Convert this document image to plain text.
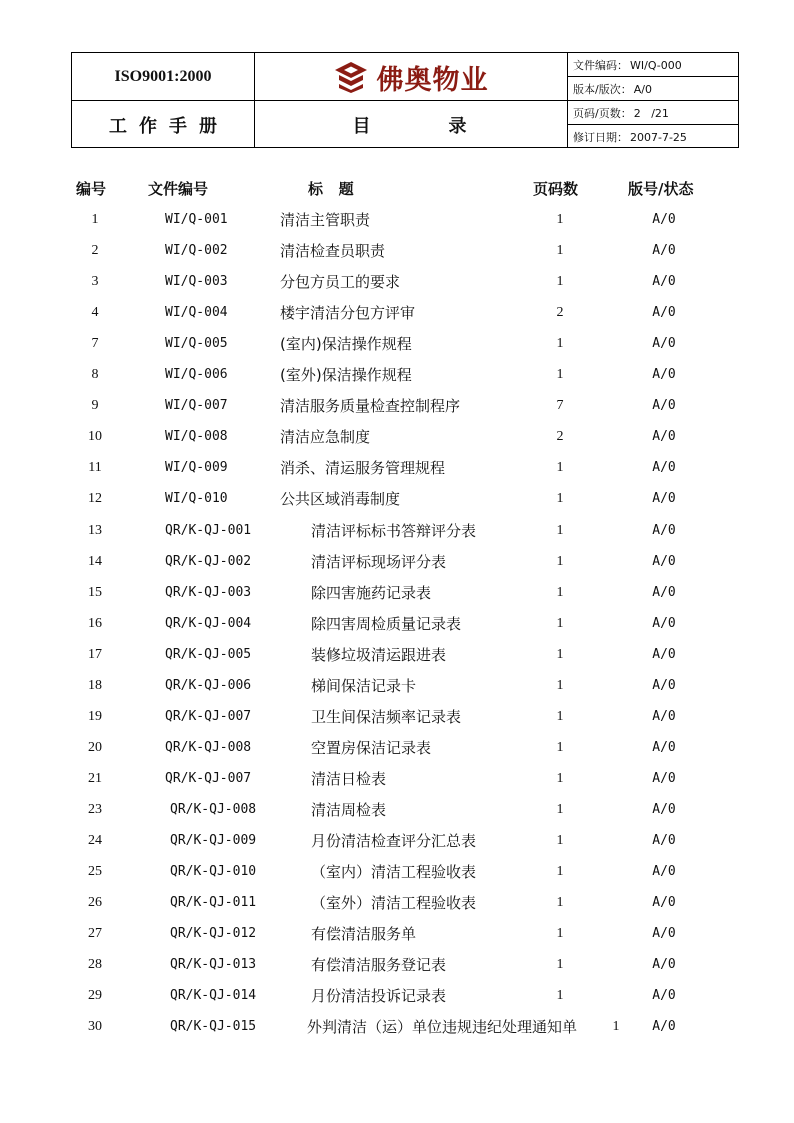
ISO9001:2000
工作手册
佛奥物业
目	录
文件编码： WI/Q-000
版本/版次： A/0
页码/页数： 2   /21
修订日期： 2007-7-25
编号	文件编号	标   题	页码数	版号/状态
1	WI/Q-001	清洁主管职责	1	A/0
2	WI/Q-002	清洁检查员职责	1	A/0
3	WI/Q-003	分包方员工的要求	1	A/0
4	WI/Q-004	楼宇清洁分包方评审	2	A/0
7	WI/Q-005	(室内)保洁操作规程	1	A/0
8	WI/Q-006	(室外)保洁操作规程	1	A/0
9	WI/Q-007	清洁服务质量检查控制程序	7	A/0
10	WI/Q-008	清洁应急制度	2	A/0
11	WI/Q-009	消杀、清运服务管理规程	1	A/0
12	WI/Q-010	公共区域消毒制度	1	A/0
13	QR/K-QJ-001	清洁评标标书答辩评分表	1	A/0
14	QR/K-QJ-002	清洁评标现场评分表	1	A/0
15	QR/K-QJ-003	除四害施药记录表	1	A/0
16	QR/K-QJ-004	除四害周检质量记录表	1	A/0
17	QR/K-QJ-005	装修垃圾清运跟进表	1	A/0
18	QR/K-QJ-006	梯间保洁记录卡	1	A/0
19	QR/K-QJ-007	卫生间保洁频率记录表	1	A/0
20	QR/K-QJ-008	空置房保洁记录表	1	A/0
21	QR/K-QJ-007	清洁日检表	1	A/0
23	QR/K-QJ-008	清洁周检表	1	A/0
24	QR/K-QJ-009	月份清洁检查评分汇总表	1	A/0
25	QR/K-QJ-010	（室内）清洁工程验收表	1	A/0
26	QR/K-QJ-011	（室外）清洁工程验收表	1	A/0
27	QR/K-QJ-012	有偿清洁服务单	1	A/0
28	QR/K-QJ-013	有偿清洁服务登记表	1	A/0
29	QR/K-QJ-014	月份清洁投诉记录表	1	A/0
30	QR/K-QJ-015	外判清洁（运）单位违规违纪处理通知单	1	A/0
